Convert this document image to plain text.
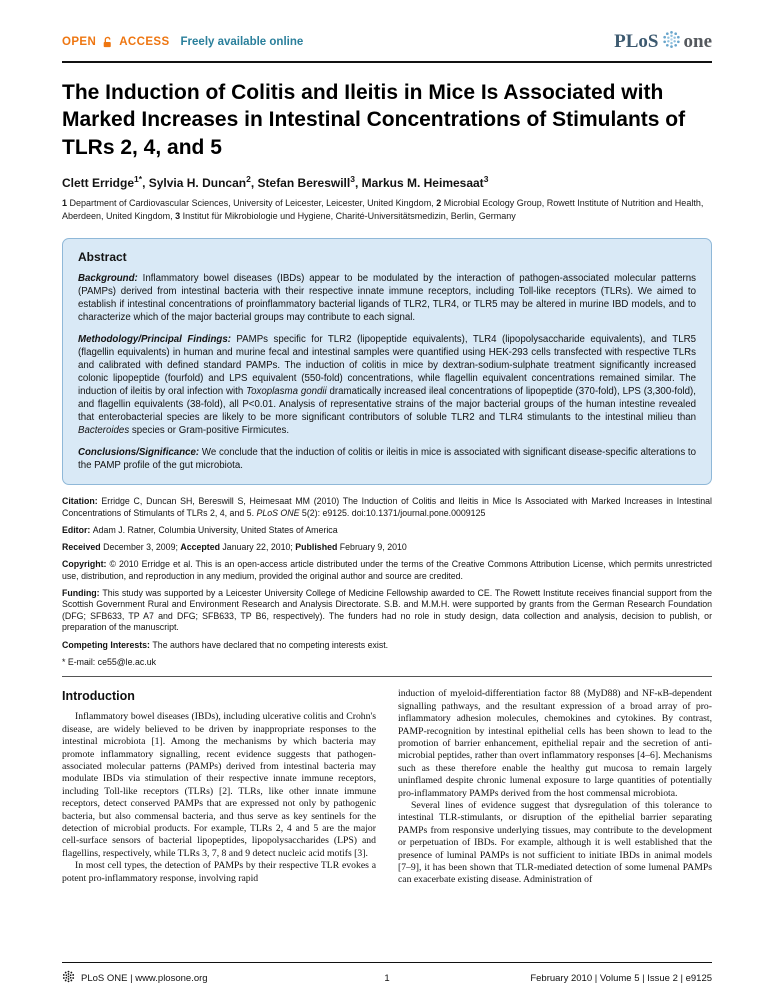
OPEN ACCESS Freely available online	PLoS one
The Induction of Colitis and Ileitis in Mice Is Associated with Marked Increases in Intestinal Concentrations of Stimulants of TLRs 2, 4, and 5
Clett Erridge$^{1*}$, Sylvia H. Duncan$^2$, Stefan Bereswill$^3$, Markus M. Heimesaat$^3$
1 Department of Cardiovascular Sciences, University of Leicester, Leicester, United Kingdom, 2 Microbial Ecology Group, Rowett Institute of Nutrition and Health, Aberdeen, United Kingdom, 3 Institut für Mikrobiologie und Hygiene, Charité-Universitätsmedizin, Berlin, Germany
Abstract

Background: Inflammatory bowel diseases (IBDs) appear to be modulated by the interaction of pathogen-associated molecular patterns (PAMPs) derived from intestinal bacteria with their respective innate immune receptors, including Toll-like receptors (TLRs). We aimed to establish if intestinal concentrations of proinflammatory bacterial ligands of TLR2, TLR4, or TLR5 may be altered in murine IBD models, and to characterize which of the major bacterial groups may contribute to each signal.

Methodology/Principal Findings: PAMPs specific for TLR2 (lipopeptide equivalents), TLR4 (lipopolysaccharide equivalents), and TLR5 (flagellin equivalents) in human and murine fecal and intestinal samples were quantified using HEK-293 cells transfected with respective TLRs and calibrated with defined standard PAMPs. The induction of colitis in mice by dextran-sodium-sulphate treatment significantly increased colonic lipopeptide (fourfold) and LPS equivalent (550-fold) concentrations, while flagellin equivalent concentrations remained similar. The induction of ileitis by oral infection with Toxoplasma gondii dramatically increased ileal concentrations of lipopeptide (370-fold), LPS (3,300-fold), and flagellin equivalents (38-fold), all P<0.01. Analysis of representative strains of the major bacterial groups of the human intestine revealed that enterobacterial species are likely to be more significant contributors of soluble TLR2 and TLR4 stimulants to the intestinal milieu than Bacteroides species or Gram-positive Firmicutes.

Conclusions/Significance: We conclude that the induction of colitis or ileitis in mice is associated with significant disease-specific alterations to the PAMP profile of the gut microbiota.

Citation: Erridge C, Duncan SH, Bereswill S, Heimesaat MM (2010) The Induction of Colitis and Ileitis in Mice Is Associated with Marked Increases in Intestinal Concentrations of Stimulants of TLRs 2, 4, and 5. PLoS ONE 5(2): e9125. doi:10.1371/journal.pone.0009125

Editor: Adam J. Ratner, Columbia University, United States of America

Received December 3, 2009; Accepted January 22, 2010; Published February 9, 2010

Copyright: © 2010 Erridge et al. This is an open-access article distributed under the terms of the Creative Commons Attribution License, which permits unrestricted use, distribution, and reproduction in any medium, provided the original author and source are credited.

Funding: This study was supported by a Leicester University College of Medicine Fellowship awarded to CE. The Rowett Institute receives financial support from the Scottish Government Rural and Environment Research and Analysis Directorate. S.B. and M.M.H. were supported by grants from the German Research Foundation (DFG; SFB633, TP A7 and DFG; SFB633, TP B6, respectively). The funders had no role in study design, data collection and analysis, decision to publish, or preparation of the manuscript.

Competing Interests: The authors have declared that no competing interests exist.

* E-mail: ce55@le.ac.uk

Introduction

Inflammatory bowel diseases (IBDs), including ulcerative colitis and Crohn's disease, are widely believed to be driven by inappropriate responses to the intestinal microbiota [1]. Among the mechanisms by which bacteria may promote inflammatory signalling, recent evidence suggests that pathogen-associated molecular patterns (PAMPs) derived from intestinal bacteria may modulate IBDs via stimulation of their respective innate immune receptors, including Toll-like receptors (TLRs) [2]. TLRs, like other innate immune receptors, detect conserved PAMPs that are expressed not only by pathogenic bacteria, but also commensal bacteria, and thus serve as key sentinels for the detection of microbial products. For example, TLRs 2, 4 and 5 are the major cell-surface sensors of bacterial lipopeptides, lipopolysaccharides (LPS) and flagellins, respectively, while TLRs 3, 7, 8 and 9 detect nucleic acid motifs [3].

In most cell types, the detection of PAMPs by their respective TLR evokes a potent pro-inflammatory response, involving rapid

induction of myeloid-differentiation factor 88 (MyD88) and NF-κB-dependent signalling pathways, and the resultant expression of a broad array of pro-inflammatory adhesion molecules, chemokines and cytokines. By contrast, PAMP-recognition by intestinal epithelial cells has been shown to lead to the promotion of barrier enhancement, epithelial repair and the secretion of anti-microbial peptides, rather than overt inflammatory responses [4–6]. Mechanisms such as these therefore enable the healthy gut mucosa to remain largely uninflamed despite chronic lumenal exposure to large quantities of potentially pro-inflammatory PAMPs derived from the host commensal microbiota.

Several lines of evidence suggest that dysregulation of this tolerance to intestinal TLR-stimulants, or disruption of the epithelial barrier separating PAMPs from responsive underlying tissues, may contribute to the development or perpetuation of IBDs. For example, although it is well established that the presence of luminal PAMPs is not sufficient to initiate IBDs in animal models [7–9], it has been shown that TLR-mediated detection of some lumenal PAMPs can exacerbate existing disease. Administration of

PLoS ONE | www.plosone.org	1	February 2010 | Volume 5 | Issue 2 | e9125
